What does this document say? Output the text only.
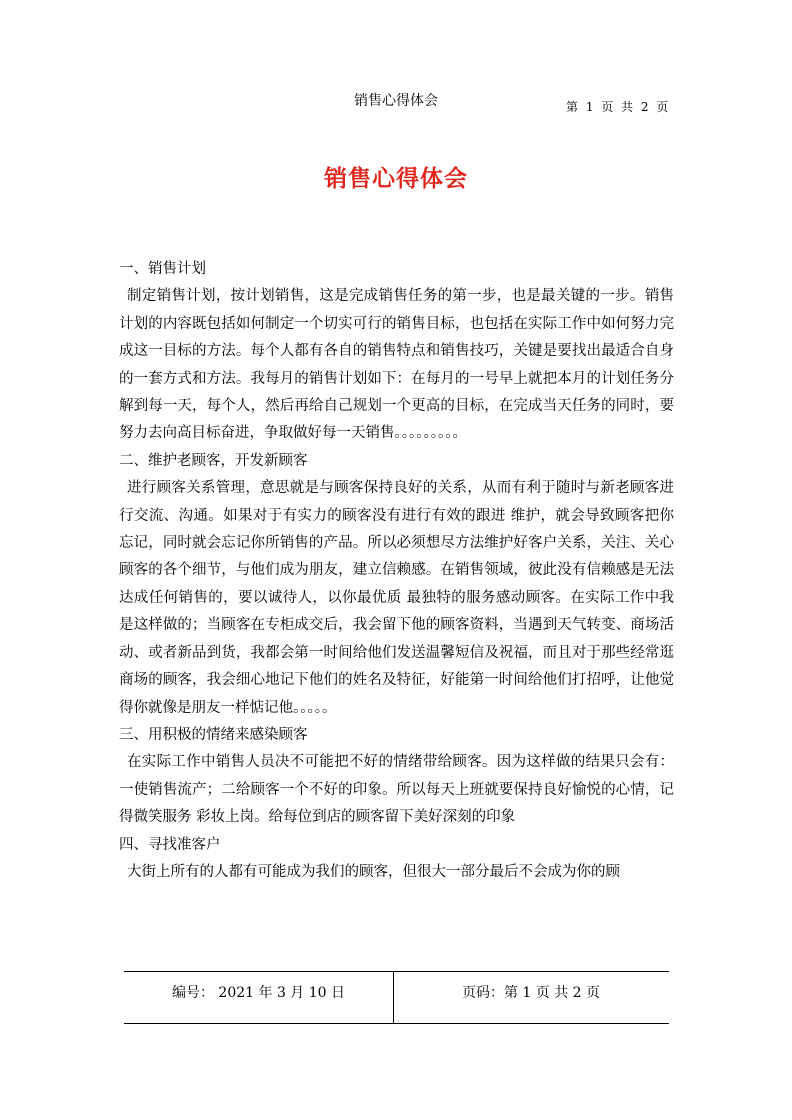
销售心得体会	第 1 页 共 2 页
销售心得体会

一、销售计划

制定销售计划，按计划销售，这是完成销售任务的第一步，也是最关键的一步。销售计划的内容既包括如何制定一个切实可行的销售目标，也包括在实际工作中如何努力完成这一目标的方法。每个人都有各自的销售特点和销售技巧，关键是要找出最适合自身的一套方式和方法。我每月的销售计划如下：在每月的一号早上就把本月的计划任务分解到每一天，每个人，然后再给自己规划一个更高的目标，在完成当天任务的同时，要努力去向高目标奋进，争取做好每一天销售。。。。。。。。。

二、维护老顾客，开发新顾客

进行顾客关系管理，意思就是与顾客保持良好的关系，从而有利于随时与新老顾客进行交流、沟通。如果对于有实力的顾客没有进行有效的跟进 维护，就会导致顾客把你忘记，同时就会忘记你所销售的产品。所以必须想尽方法维护好客户关系，关注、关心顾客的各个细节，与他们成为朋友，建立信赖感。在销售领域，彼此没有信赖感是无法达成任何销售的，要以诚待人，以你最优质 最独特的服务感动顾客。在实际工作中我是这样做的；当顾客在专柜成交后，我会留下他的顾客资料，当遇到天气转变、商场活动、或者新品到货，我都会第一时间给他们发送温馨短信及祝福，而且对于那些经常逛商场的顾客，我会细心地记下他们的姓名及特征，好能第一时间给他们打招呼，让他觉得你就像是朋友一样惦记他。。。。。

三、用积极的情绪来感染顾客

在实际工作中销售人员决不可能把不好的情绪带给顾客。因为这样做的结果只会有：一使销售流产；二给顾客一个不好的印象。所以每天上班就要保持良好愉悦的心情，记得微笑服务 彩妆上岗。给每位到店的顾客留下美好深刻的印象

四、寻找准客户

大街上所有的人都有可能成为我们的顾客，但很大一部分最后不会成为你的顾

编号： 2021 年 3 月 10 日	页码：第 1 页 共 2 页
